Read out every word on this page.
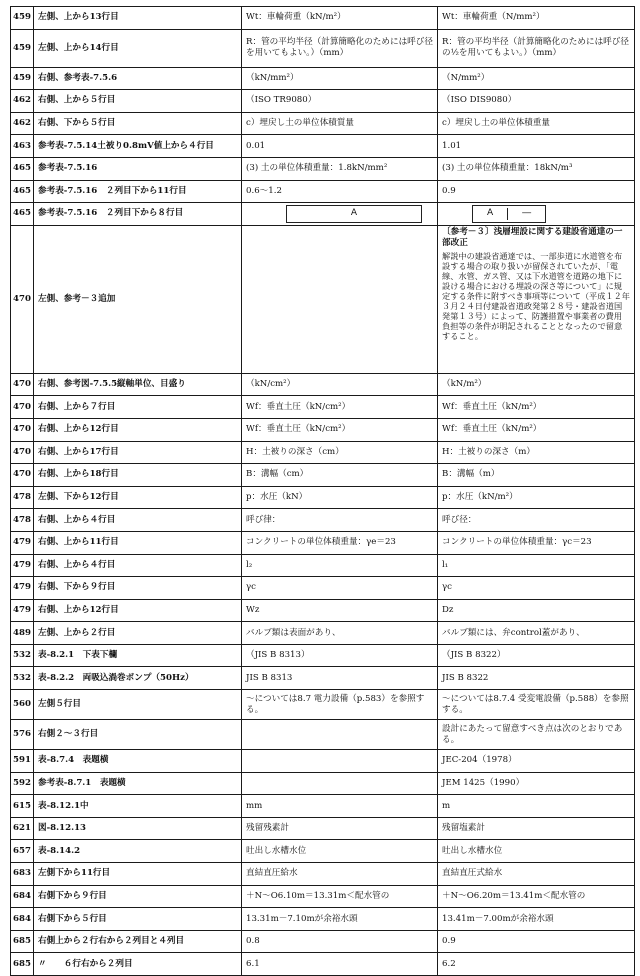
459	左側、上から13行目	Wt：車輪荷重（kN/m²）	Wt：車輪荷重（N/mm²）
459	左側、上から14行目	R：管の平均半径（計算簡略化のためには呼び径を用いてもよい。）（mm）	R：管の平均半径（計算簡略化のためには呼び径の½を用いてもよい。）（mm）
459	右側、参考表-7.5.6	（kN/mm²）	（N/mm²）
462	右側、上から５行目	（ISO TR9080）	（ISO DIS9080）
462	右側、下から５行目	c）埋戻し土の単位体積質量	c）埋戻し土の単位体積重量
463	参考表-7.5.14土被り0.8mV値上から４行目	0.01	1.01
465	参考表-7.5.16	(3) 土の単位体積重量：1.8kN/mm²	(3) 土の単位体積重量：18kN/m³
465	参考表-7.5.16　２列目下から11行目	0.6～1.2	0.9
465	参考表-7.5.16　２列目下から８行目	A	A ―
470	左側、参考－３追加		〔参考－３〕浅層埋設に関する建設省通達の一部改正
解説中の建設省通達では、一部歩道に水道管を布設する場合の取り扱いが留保されていたが、「電線、水管、ガス管、又は下水道管を道路の地下に設ける場合における埋設の深さ等について」に規定する条件に附すべき事項等について（平成１２年３月２４日付建設省道政発第２８号・建設省道国発第１３号）によって、防護措置や事業者の費用負担等の条件が明記されることとなったので留意すること。

470	右側、参考図-7.5.5縦軸単位、目盛り	（kN/cm²）	（kN/m²）
470	右側、上から７行目	Wf：垂直土圧（kN/cm²）	Wf：垂直土圧（kN/m²）
470	右側、上から12行目	Wf：垂直土圧（kN/cm²）	Wf：垂直土圧（kN/m²）
470	右側、上から17行目	H：土被りの深さ（cm）	H：土被りの深さ（m）
470	右側、上から18行目	B：溝幅（cm）	B：溝幅（m）
478	左側、下から12行目	p：水圧（kN）	p：水圧（kN/m²）
478	右側、上から４行目	呼び律：	呼び径：
479	右側、上から11行目	コンクリートの単位体積重量：γe＝23	コンクリートの単位体積重量：γc＝23
479	右側、上から４行目	l₂	l₁
479	右側、下から９行目	γc	γc
479	右側、上から12行目	Wz	Dz
489	左側、上から２行目	バルブ類は表面があり、	バルブ類には、弁control蓋があり、
532	表-8.2.1　下表下欄	（JIS B 8313）	（JIS B 8322）
532	表-8.2.2　両吸込渦巻ポンプ（50Hz）	JIS B 8313	JIS B 8322
560	左側５行目	～については8.7 電力設備（p.583）を参照する。	～については8.7.4 受変電設備（p.588）を参照する。
576	右側２～３行目		設計にあたって留意すべき点は次のとおりである。
591	表-8.7.4　表題横		JEC-204（1978）
592	参考表-8.7.1　表題横		JEM 1425（1990）
615	表-8.12.1中	mm	m
621	図-8.12.13	残留残素計	残留塩素計
657	表-8.14.2	吐出し水槽水位	吐出し水槽水位
683	左側下から11行目	直結直圧給水	直結直圧式給水
684	右側下から９行目	＋N～O6.10m＝13.31m＜配水管の	＋N～O6.20m＝13.41m＜配水管の
684	右側下から５行目	13.31m－7.10mが余裕水頭	13.41m－7.00mが余裕水頭
685	右側上から２行右から２列目と４列目	0.8	0.9
685	〃　　６行右から２列目	6.1	6.2
